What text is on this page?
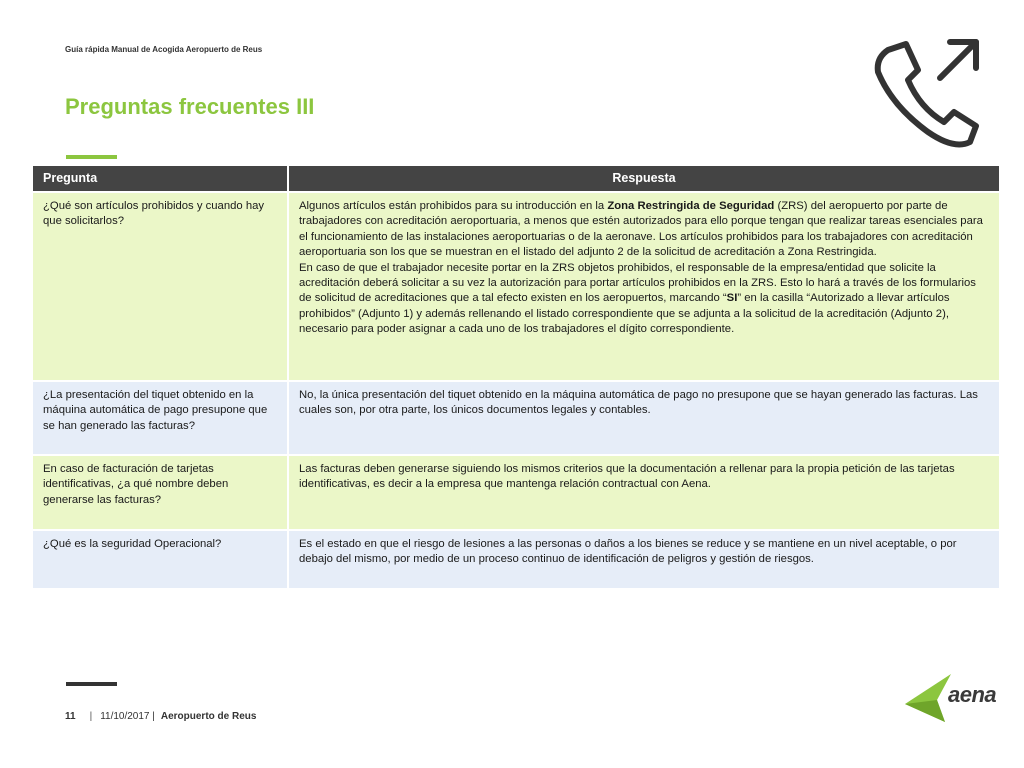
Guía rápida Manual de Acogida Aeropuerto de Reus
Preguntas frecuentes III
Pregunta	Respuesta
¿Qué son artículos prohibidos y cuando hay que solicitarlos?	Algunos artículos están prohibidos para su introducción en la Zona Restringida de Seguridad (ZRS) del aeropuerto por parte de trabajadores con acreditación aeroportuaria, a menos que estén autorizados para ello porque tengan que realizar tareas esenciales para el funcionamiento de las instalaciones aeroportuarias o de la aeronave. Los artículos prohibidos para los trabajadores con acreditación aeroportuaria son los que se muestran en el listado del adjunto 2 de la solicitud de acreditación a Zona Restringida.

En caso de que el trabajador necesite portar en la ZRS objetos prohibidos, el responsable de la empresa/entidad que solicite la acreditación deberá solicitar a su vez la autorización para portar artículos prohibidos en la ZRS. Esto lo hará a través de los formularios de solicitud de acreditaciones que a tal efecto existen en los aeropuertos, marcando “SI” en la casilla “Autorizado a llevar artículos prohibidos” (Adjunto 1) y además rellenando el listado correspondiente que se adjunta a la solicitud de la acreditación (Adjunto 2), necesario para poder asignar a cada uno de los trabajadores el dígito correspondiente.

¿La presentación del tiquet obtenido en la máquina automática de pago presupone que se han generado las facturas?	No, la única presentación del tiquet obtenido en la máquina automática de pago no presupone que se hayan generado las facturas. Las cuales son, por otra parte, los únicos documentos legales y contables.
En caso de facturación de tarjetas identificativas, ¿a qué nombre deben generarse las facturas?	Las facturas deben generarse siguiendo los mismos criterios que la documentación a rellenar para la propia petición de las tarjetas identificativas, es decir a la empresa que mantenga relación contractual con Aena.
¿Qué es la seguridad Operacional?	Es el estado en que el riesgo de lesiones a las personas o daños a los bienes se reduce y se mantiene en un nivel aceptable, o por debajo del mismo, por medio de un proceso continuo de identificación de peligros y gestión de riesgos.
11 | 11/10/2017 | Aeropuerto de Reus
aena
